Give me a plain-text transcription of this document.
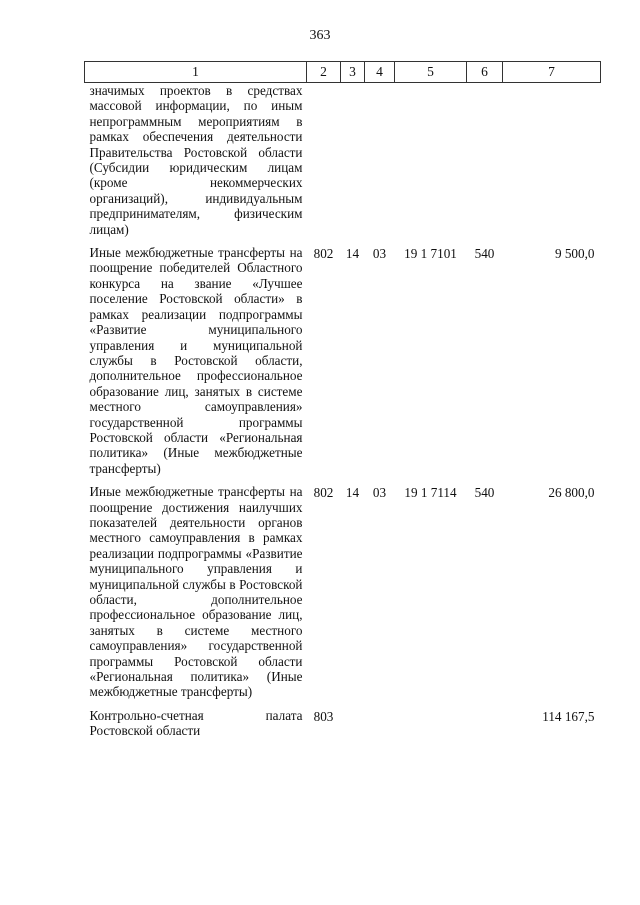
363
1	2	3	4	5	6	7
значимых проектов в средствах массовой информации, по иным непрограммным мероприятиям в рамках обеспечения деятельности Правительства Ростовской области (Субсидии юридическим лицам (кроме некоммерческих организаций), индивидуальным предпринимателям, физическим лицам)						

Иные межбюджетные трансферты на поощрение победителей Областного конкурса на звание «Лучшее поселение Ростовской области» в рамках реализации подпрограммы «Развитие муниципального управления и муниципальной службы в Ростовской области, дополнительное профессиональное образование лиц, занятых в системе местного самоуправления» государственной программы Ростовской области «Региональная политика» (Иные межбюджетные трансферты)	802	14	03	19 1 7101	540	9 500,0

Иные межбюджетные трансферты на поощрение достижения наилучших показателей деятельности органов местного самоуправления в рамках реализации подпрограммы «Развитие муниципального управления и муниципальной службы в Ростовской области, дополнительное профессиональное образование лиц, занятых в системе местного самоуправления» государственной программы Ростовской области «Региональная политика» (Иные межбюджетные трансферты)	802	14	03	19 1 7114	540	26 800,0

Контрольно-счетная палата Ростовской области	803					114 167,5
